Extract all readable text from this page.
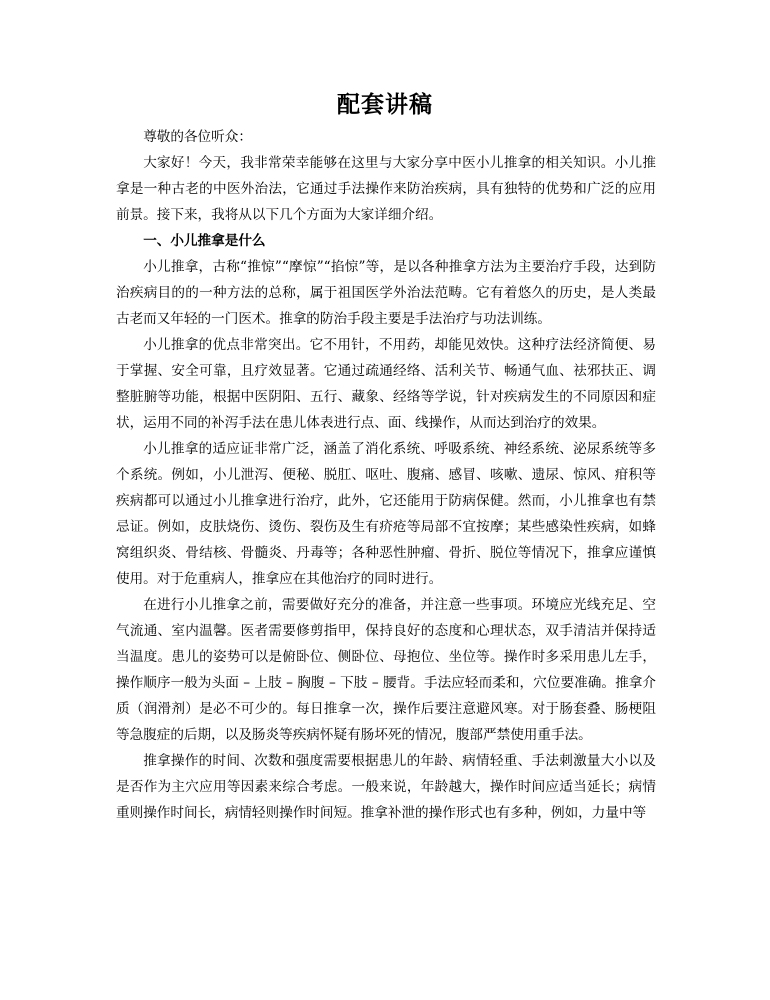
配套讲稿

尊敬的各位听众：

大家好！今天，我非常荣幸能够在这里与大家分享中医小儿推拿的相关知识。小儿推拿是一种古老的中医外治法，它通过手法操作来防治疾病，具有独特的优势和广泛的应用前景。接下来，我将从以下几个方面为大家详细介绍。

一、小儿推拿是什么

小儿推拿，古称“推惊”“摩惊”“掐惊”等，是以各种推拿方法为主要治疗手段，达到防治疾病目的的一种方法的总称，属于祖国医学外治法范畴。它有着悠久的历史，是人类最古老而又年轻的一门医术。推拿的防治手段主要是手法治疗与功法训练。

小儿推拿的优点非常突出。它不用针，不用药，却能见效快。这种疗法经济简便、易于掌握、安全可靠，且疗效显著。它通过疏通经络、活利关节、畅通气血、祛邪扶正、调整脏腑等功能，根据中医阴阳、五行、藏象、经络等学说，针对疾病发生的不同原因和症状，运用不同的补泻手法在患儿体表进行点、面、线操作，从而达到治疗的效果。

小儿推拿的适应证非常广泛，涵盖了消化系统、呼吸系统、神经系统、泌尿系统等多个系统。例如，小儿泄泻、便秘、脱肛、呕吐、腹痛、感冒、咳嗽、遗尿、惊风、疳积等疾病都可以通过小儿推拿进行治疗，此外，它还能用于防病保健。然而，小儿推拿也有禁忌证。例如，皮肤烧伤、烫伤、裂伤及生有疥疮等局部不宜按摩；某些感染性疾病，如蜂窝组织炎、骨结核、骨髓炎、丹毒等；各种恶性肿瘤、骨折、脱位等情况下，推拿应谨慎使用。对于危重病人，推拿应在其他治疗的同时进行。

在进行小儿推拿之前，需要做好充分的准备，并注意一些事项。环境应光线充足、空气流通、室内温馨。医者需要修剪指甲，保持良好的态度和心理状态，双手清洁并保持适当温度。患儿的姿势可以是俯卧位、侧卧位、母抱位、坐位等。操作时多采用患儿左手，操作顺序一般为头面 – 上肢 – 胸腹 – 下肢 – 腰背。手法应轻而柔和，穴位要准确。推拿介质（润滑剂）是必不可少的。每日推拿一次，操作后要注意避风寒。对于肠套叠、肠梗阻等急腹症的后期，以及肠炎等疾病怀疑有肠坏死的情况，腹部严禁使用重手法。

推拿操作的时间、次数和强度需要根据患儿的年龄、病情轻重、手法刺激量大小以及是否作为主穴应用等因素来综合考虑。一般来说，年龄越大，操作时间应适当延长；病情重则操作时间长，病情轻则操作时间短。推拿补泄的操作形式也有多种，例如，力量中等
